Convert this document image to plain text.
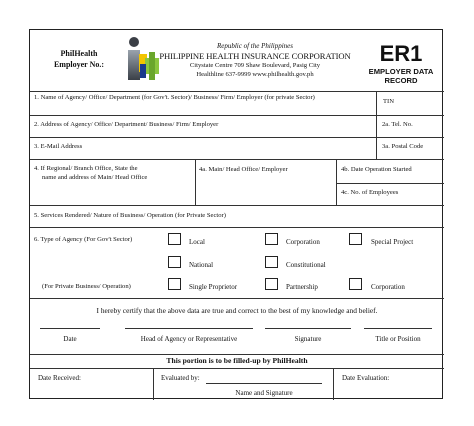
PhilHealth
Employer No.:
Republic of the Philippines
PHILIPPINE HEALTH INSURANCE CORPORATION
Citystate Centre 709 Shaw Boulevard, Pasig City
Healthline 637-9999 www.philhealth.gov.ph
ER1
EMPLOYER DATA
RECORD
1. Name of Agency/ Office/ Department (for Gov't. Sector)/ Business/ Firm/ Employer (for private Sector)
TIN
2. Address of Agency/ Office/ Department/ Business/ Firm/ Employer	2a. Tel. No.
3. E-Mail Address	3a. Postal Code
4. If Regional/ Branch Office, State the
name and address of Main/ Head Office
4a. Main/ Head Office/ Employer	4b. Date Operation Started
4c. No. of Employees
5. Services Rendered/ Nature of Business/ Operation (for Private Sector)
6. Type of Agency (For Gov't Sector)	Local	Corporation	Special Project
National	Constitutional
(For Private Business/ Operation)	Single Proprietor	Partnership	Corporation
I hereby certify that the above data are true and correct to the best of my knowledge and belief.
Date	Head of Agency or Representative	Signature	Title or Position
This portion is to be filled-up by PhilHealth
Date Received:	Evaluated by:
Name and Signature
Date Evaluation:
